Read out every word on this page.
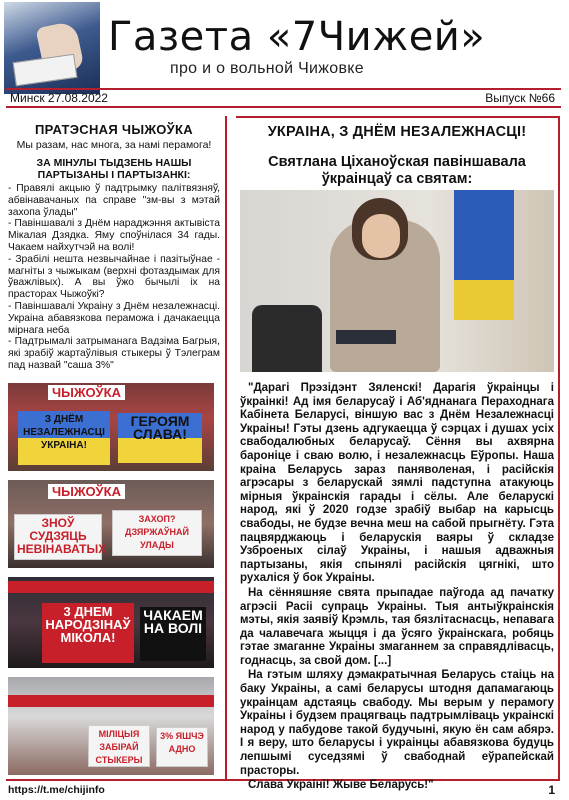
Газета «7Чижей»
про и о вольной Чижовке
Минск 27.08.2022	Выпуск №66
ПРАТЭСНАЯ ЧЫЖОЎКА

Мы разам, нас многа, за намі перамога!

ЗА МІНУЛЫ ТЫДЗЕНЬ НАШЫ ПАРТЫЗАНЫ І ПАРТЫЗАНКІ:

- Правялі акцыю ў падтрымку палітвязняў, абвінавачаных па справе "зм-вы з мэтай захопа ўлады"
- Павіншавалі з Днём нараджэння актывіста Мікалая Дзядка. Яму споўнілася 34 гады. Чакаем найхутчэй на волі!
- Зрабілі нешта незвычайнае і пазітыўнае - магніты з чыжыкам (верхні фотаздымак для ўважлівых). А вы ўжо бычылі іх на прасторах Чыжоўкі?
- Павіншавалі Украіну з Днём незалежнасці. Украіна абавязкова пераможа і дачакаецца мірнага неба
- Падтрымалі затрыманага Вадзіма Багрыя, які зрабіў жартаўлівыя стыкеры ў Тэлеграм пад назвай "саша 3%"
ЧЫЖОЎКА
З ДНЁМ НЕЗАЛЕЖНАСЦІ УКРАІНА!
ГЕРОЯМ СЛАВА!
ЧЫЖОЎКА
ЗНОЎ СУДЗЯЦЬ НЕВІНАВАТЫХ
ЗАХОП? ДЗЯРЖАЎНАЙ УЛАДЫ
3 ДНЕМ НАРОДЗІНАЎ МІКОЛА!
ЧАКАЕМ НА ВОЛІ
МІЛІЦЫЯ ЗАБІРАЙ СТЫКЕРЫ
3% ЯШЧЭ АДНО
УКРАІНА, З ДНЁМ НЕЗАЛЕЖНАСЦІ!
Святлана Ціханоўская павіншавала ўкраінцаў са святам:

"Дарагі Прэзідэнт Зяленскі! Дарагія ўкраінцы і ўкраінкі! Ад імя беларусаў і Аб'яднанага Пераходнага Кабінета Беларусі, віншую вас з Днём Незалежнасці Украіны! Гэты дзень адгукаецца ў сэрцах і душах усіх свабодалюбных беларусаў. Сёння вы ахвярна бароніце і сваю волю, і незалежнасць Еўропы. Наша краіна Беларусь зараз паняволеная, і расійскія агрэсары з беларускай зямлі падступна атакуюць мірныя ўкраінскія гарады і сёлы. Але беларускі народ, які ў 2020 годзе зрабіў выбар на карысць свабоды, не будзе вечна меш на сабой прыгнёту. Гэта пацвярджаюць і беларускія ваяры ў складзе Узброеных сілаў Украіны, і нашыя адважныя партызаны, якія спынялі расійскія цягнікі, што рухаліся ў бок Украіны.

На сённяшняе свята прыпадае паўгода ад пачатку агрэсіі Расіі супраць Украіны. Тыя антыўкраінскія мэты, якія заявіў Крэмль, тая бязлітаснасць, непавага да чалавечага жыцця і да ўсяго ўкраінскага, робяць гэтае змаганне Украіны змаганнем за справядлівасць, годнасць, за свой дом. [...]

На гэтым шляху дэмакратычная Беларусь стаіць на баку Украіны, а самі беларусы штодня дапамагаюць украінцам адстаяць свабоду. Мы верым у перамогу Украіны і будзем працягваць падтрымліваць украінскі народ у пабудове такой будучыні, якую ён сам абярэ. І я веру, што беларусы і украінцы абавязкова будуць лепшымі суседзямі ў свабоднай еўрапейскай прасторы.

Слава Украіні! Жыве Беларусь!"

https://t.me/chijinfo	1
